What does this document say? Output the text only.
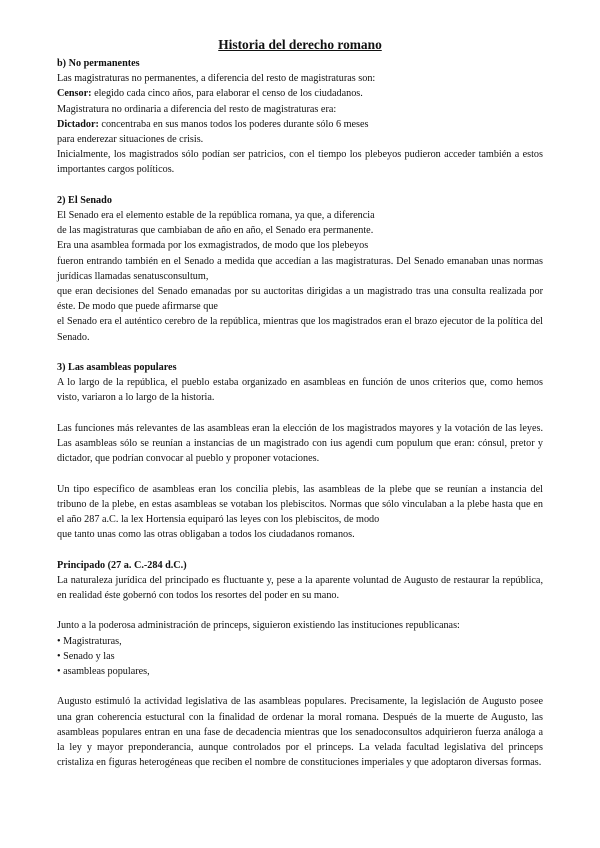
Historia del derecho romano
b) No permanentes
Las magistraturas no permanentes, a diferencia del resto de magistraturas son:
Censor: elegido cada cinco años, para elaborar el censo de los ciudadanos.
Magistratura no ordinaria a diferencia del resto de magistraturas era:
Dictador: concentraba en sus manos todos los poderes durante sólo 6 meses
para enderezar situaciones de crisis.
Inicialmente, los magistrados sólo podían ser patricios, con el tiempo los plebeyos pudieron acceder también a estos importantes cargos políticos.
2) El Senado
El Senado era el elemento estable de la república romana, ya que, a diferencia
de las magistraturas que cambiaban de año en año, el Senado era permanente.
Era una asamblea formada por los exmagistrados, de modo que los plebeyos
fueron entrando también en el Senado a medida que accedían a las magistraturas. Del Senado emanaban unas normas jurídicas llamadas senatusconsultum,
que eran decisiones del Senado emanadas por su auctoritas dirigidas a un magistrado tras una consulta realizada por éste. De modo que puede afirmarse que
el Senado era el auténtico cerebro de la república, mientras que los magistrados eran el brazo ejecutor de la política del Senado.
3) Las asambleas populares
A lo largo de la república, el pueblo estaba organizado en asambleas en función de unos criterios que, como hemos visto, variaron a lo largo de la historia.
Las funciones más relevantes de las asambleas eran la elección de los magistrados mayores y la votación de las leyes. Las asambleas sólo se reunían a instancias de un magistrado con ius agendi cum populum que eran: cónsul, pretor y dictador, que podrían convocar al pueblo y proponer votaciones.
Un tipo específico de asambleas eran los concilia plebis, las asambleas de la plebe que se reunían a instancia del tribuno de la plebe, en estas asambleas se votaban los plebiscitos. Normas que sólo vinculaban a la plebe hasta que en el año 287 a.C. la lex Hortensia equiparó las leyes con los plebiscitos, de modo
que tanto unas como las otras obligaban a todos los ciudadanos romanos.
Principado (27 a. C.-284 d.C.)
La naturaleza jurídica del principado es fluctuante y, pese a la aparente voluntad de Augusto de restaurar la república, en realidad éste gobernó con todos los resortes del poder en su mano.
Junto a la poderosa administración de princeps, siguieron existiendo las instituciones republicanas:
• Magistraturas,
• Senado y las
• asambleas populares,
Augusto estimuló la actividad legislativa de las asambleas populares. Precisamente, la legislación de Augusto posee una gran coherencia estuctural con la finalidad de ordenar la moral romana. Después de la muerte de Augusto, las asambleas populares entran en una fase de decadencia mientras que los senadoconsultos adquirieron fuerza análoga a la ley y mayor preponderancia, aunque controlados por el princeps. La velada facultad legislativa del princeps cristaliza en figuras heterogéneas que reciben el nombre de constituciones imperiales y que adoptaron diversas formas.
